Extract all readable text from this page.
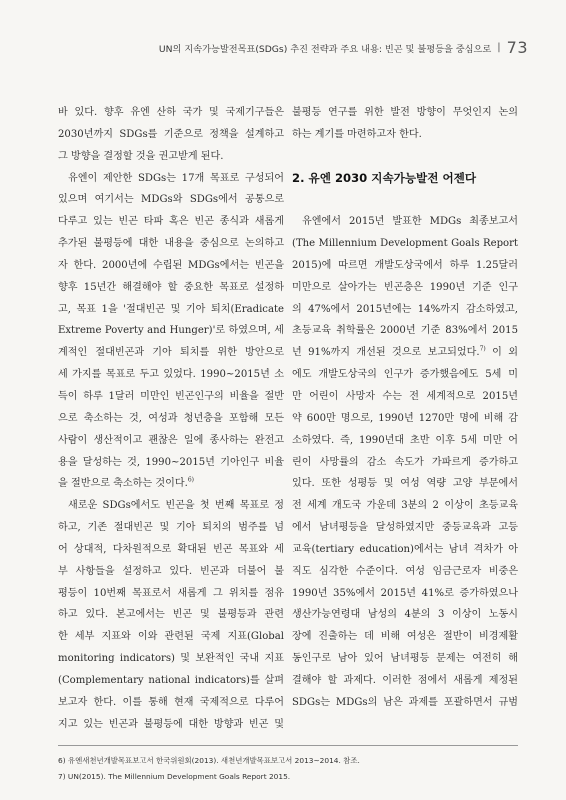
UN의 지속가능발전목표(SDGs) 추진 전략과 주요 내용: 빈곤 및 불평등을 중심으로 | 73
바 있다. 향후 유엔 산하 국가 및 국제기구들은
2030년까지 SDGs를 기준으로 정책을 설계하고
그 방향을 결정할 것을 권고받게 된다.
유엔이 제안한 SDGs는 17개 목표로 구성되어
있으며 여기서는 MDGs와 SDGs에서 공통으로
다루고 있는 빈곤 타파 혹은 빈곤 종식과 새롭게
추가된 불평등에 대한 내용을 중심으로 논의하고
자 한다. 2000년에 수립된 MDGs에서는 빈곤을
향후 15년간 해결해야 할 중요한 목표로 설정하
고, 목표 1을 '절대빈곤 및 기아 퇴치(Eradicate
Extreme Poverty and Hunger)'로 하였으며, 세
계적인 절대빈곤과 기아 퇴치를 위한 방안으로
세 가지를 목표로 두고 있었다. 1990~2015년 소
득이 하루 1달러 미만인 빈곤인구의 비율을 절반
으로 축소하는 것, 여성과 청년층을 포함해 모든
사람이 생산적이고 괜찮은 일에 종사하는 완전고
용을 달성하는 것, 1990~2015년 기아인구 비율
을 절반으로 축소하는 것이다.$^{6)}$
새로운 SDGs에서도 빈곤을 첫 번째 목표로 정
하고, 기존 절대빈곤 및 기아 퇴치의 범주를 넘
어 상대적, 다차원적으로 확대된 빈곤 목표와 세
부 사항들을 설정하고 있다. 빈곤과 더불어 불
평등이 10번째 목표로서 새롭게 그 위치를 점유
하고 있다. 본고에서는 빈곤 및 불평등과 관련
한 세부 지표와 이와 관련된 국제 지표(Global
monitoring indicators) 및 보완적인 국내 지표
(Complementary national indicators)를 살펴
보고자 한다. 이를 통해 현재 국제적으로 다루어
지고 있는 빈곤과 불평등에 대한 방향과 빈곤 및
불평등 연구를 위한 발전 방향이 무엇인지 논의
하는 계기를 마련하고자 한다.
2. 유엔 2030 지속가능발전 어젠다
유엔에서 2015년 발표한 MDGs 최종보고서
(The Millennium Development Goals Report
2015)에 따르면 개발도상국에서 하루 1.25달러
미만으로 살아가는 빈곤층은 1990년 기준 인구
의 47%에서 2015년에는 14%까지 감소하였고,
초등교육 취학률은 2000년 기준 83%에서 2015
년 91%까지 개선된 것으로 보고되었다.$^{7)}$ 이 외
에도 개발도상국의 인구가 증가했음에도 5세 미
만 어린이 사망자 수는 전 세계적으로 2015년
약 600만 명으로, 1990년 1270만 명에 비해 감
소하였다. 즉, 1990년대 초반 이후 5세 미만 어
린이 사망률의 감소 속도가 가파르게 증가하고
있다. 또한 성평등 및 여성 역량 고양 부문에서
전 세계 개도국 가운데 3분의 2 이상이 초등교육
에서 남녀평등을 달성하였지만 중등교육과 고등
교육(tertiary education)에서는 남녀 격차가 아
직도 심각한 수준이다. 여성 임금근로자 비중은
1990년 35%에서 2015년 41%로 증가하였으나
생산가능연령대 남성의 4분의 3 이상이 노동시
장에 진출하는 데 비해 여성은 절반이 비경제활
동인구로 남아 있어 남녀평등 문제는 여전히 해
결해야 할 과제다. 이러한 점에서 새롭게 제정된
SDGs는 MDGs의 남은 과제를 포괄하면서 규범
6) 유엔새천년개발목표보고서 한국위원회(2013). 새천년개발목표보고서 2013~2014. 참조.
7) UN(2015). The Millennium Development Goals Report 2015.
